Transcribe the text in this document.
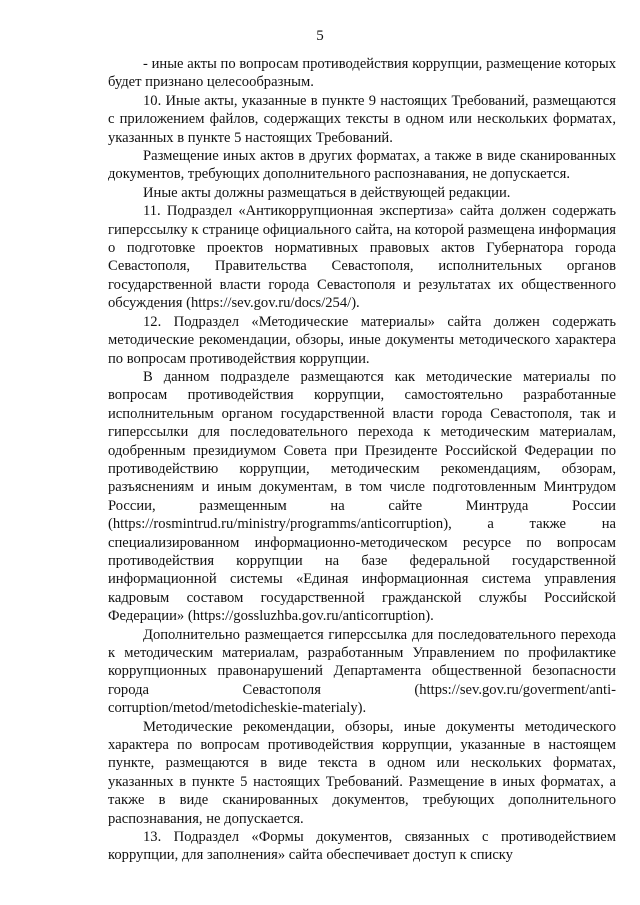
5

- иные акты по вопросам противодействия коррупции, размещение которых будет признано целесообразным.

10. Иные акты, указанные в пункте 9 настоящих Требований, размещаются с приложением файлов, содержащих тексты в одном или нескольких форматах, указанных в пункте 5 настоящих Требований.

Размещение иных актов в других форматах, а также в виде сканированных документов, требующих дополнительного распознавания, не допускается.

Иные акты должны размещаться в действующей редакции.

11. Подраздел «Антикоррупционная экспертиза» сайта должен содержать гиперссылку к странице официального сайта, на которой размещена информация о подготовке проектов нормативных правовых актов Губернатора города Севастополя, Правительства Севастополя, исполнительных органов государственной власти города Севастополя и результатах их общественного обсуждения (https://sev.gov.ru/docs/254/).

12. Подраздел «Методические материалы» сайта должен содержать методические рекомендации, обзоры, иные документы методического характера по вопросам противодействия коррупции.

В данном подразделе размещаются как методические материалы по вопросам противодействия коррупции, самостоятельно разработанные исполнительным органом государственной власти города Севастополя, так и гиперссылки для последовательного перехода к методическим материалам, одобренным президиумом Совета при Президенте Российской Федерации по противодействию коррупции, методическим рекомендациям, обзорам, разъяснениям и иным документам, в том числе подготовленным Минтрудом России, размещенным на сайте Минтруда России (https://rosmintrud.ru/ministry/programms/anticorruption), а также на специализированном информационно-методическом ресурсе по вопросам противодействия коррупции на базе федеральной государственной информационной системы «Единая информационная система управления кадровым составом государственной гражданской службы Российской Федерации» (https://gossluzhba.gov.ru/anticorruption).

Дополнительно размещается гиперссылка для последовательного перехода к методическим материалам, разработанным Управлением по профилактике коррупционных правонарушений Департамента общественной безопасности города Севастополя (https://sev.gov.ru/goverment/anti-corruption/metod/metodicheskie-materialy).

Методические рекомендации, обзоры, иные документы методического характера по вопросам противодействия коррупции, указанные в настоящем пункте, размещаются в виде текста в одном или нескольких форматах, указанных в пункте 5 настоящих Требований. Размещение в иных форматах, а также в виде сканированных документов, требующих дополнительного распознавания, не допускается.

13. Подраздел «Формы документов, связанных с противодействием коррупции, для заполнения» сайта обеспечивает доступ к списку
